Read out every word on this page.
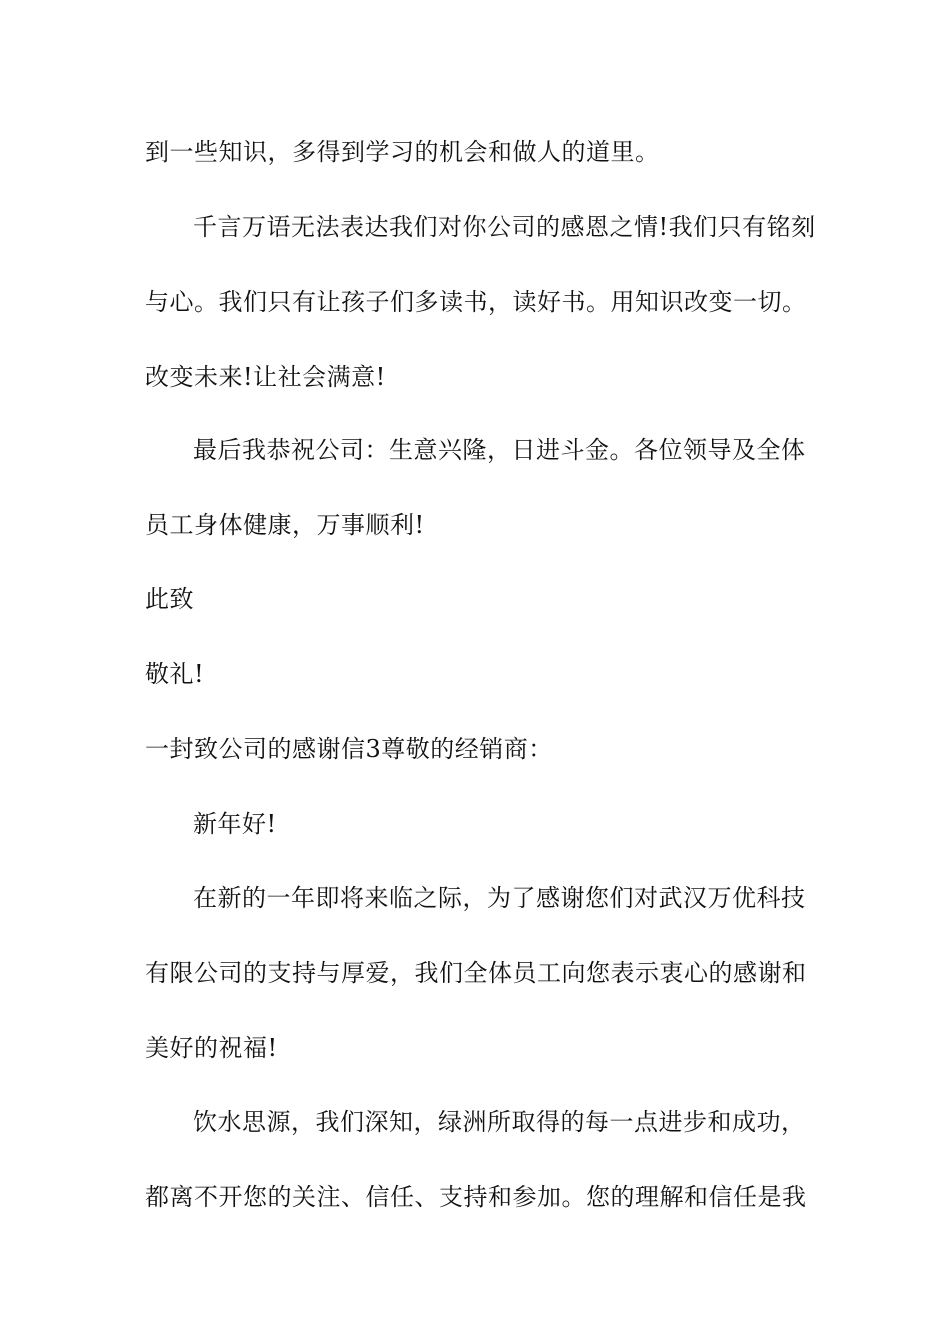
到一些知识，多得到学习的机会和做人的道里。
千言万语无法表达我们对你公司的感恩之情!我们只有铭刻
与心。我们只有让孩子们多读书，读好书。用知识改变一切。
改变未来!让社会满意!
最后我恭祝公司：生意兴隆，日进斗金。各位领导及全体
员工身体健康，万事顺利!
此致
敬礼!
一封致公司的感谢信3尊敬的经销商：
新年好!
在新的一年即将来临之际，为了感谢您们对武汉万优科技
有限公司的支持与厚爱，我们全体员工向您表示衷心的感谢和
美好的祝福!
饮水思源，我们深知，绿洲所取得的每一点进步和成功，
都离不开您的关注、信任、支持和参加。您的理解和信任是我
